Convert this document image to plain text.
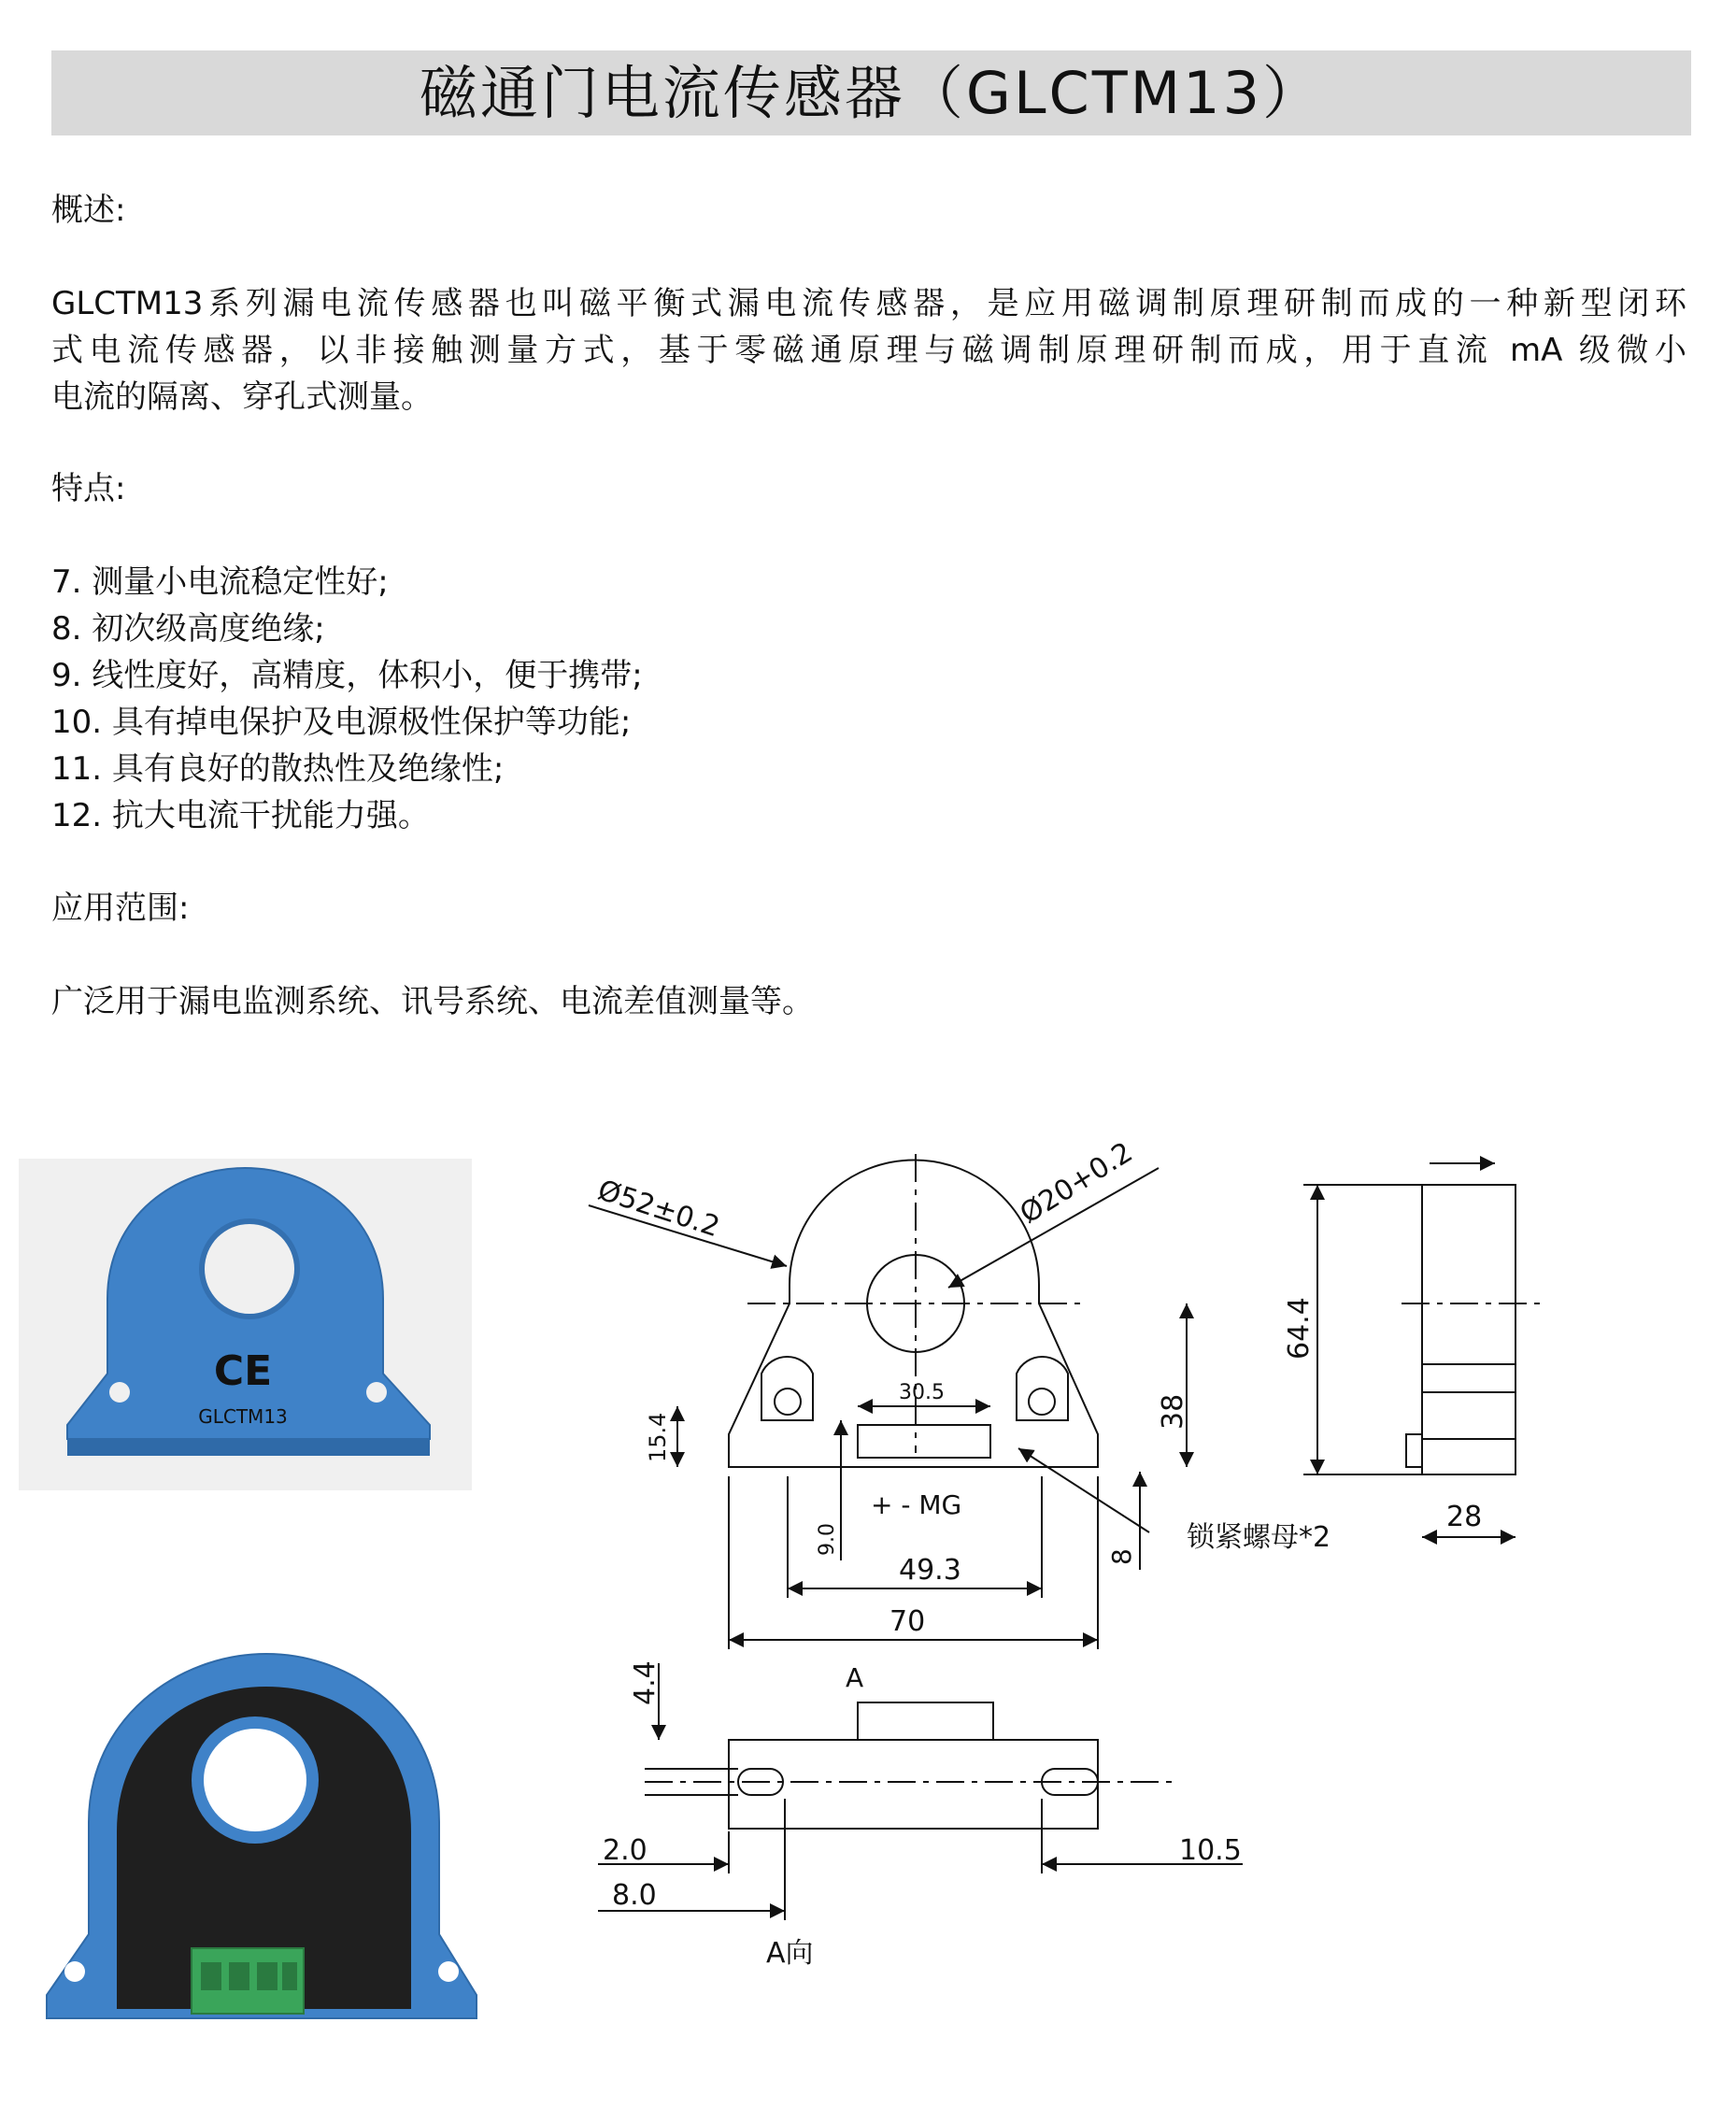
磁通门电流传感器（GLCTM13）
概述:
GLCTM13系列漏电流传感器也叫磁平衡式漏电流传感器，是应用磁调制原理研制而成的一种新型闭环
式电流传感器，以非接触测量方式，基于零磁通原理与磁调制原理研制而成，用于直流 mA 级微小
电流的隔离、穿孔式测量。
特点:
7. 测量小电流稳定性好;
8. 初次级高度绝缘;
9. 线性度好，高精度，体积小，便于携带;
10. 具有掉电保护及电源极性保护等功能;
11. 具有良好的散热性及绝缘性;
12. 抗大电流干扰能力强。
应用范围:
广泛用于漏电监测系统、讯号系统、电流差值测量等。
CE
GLCTM13
Ø52±0.2	Ø20+0.2
30.5
15.4
38
9.0
8
+ - MG
锁紧螺母*2
49.3
70
64.4
28
A
4.4
2.0
8.0
10.5
A向
